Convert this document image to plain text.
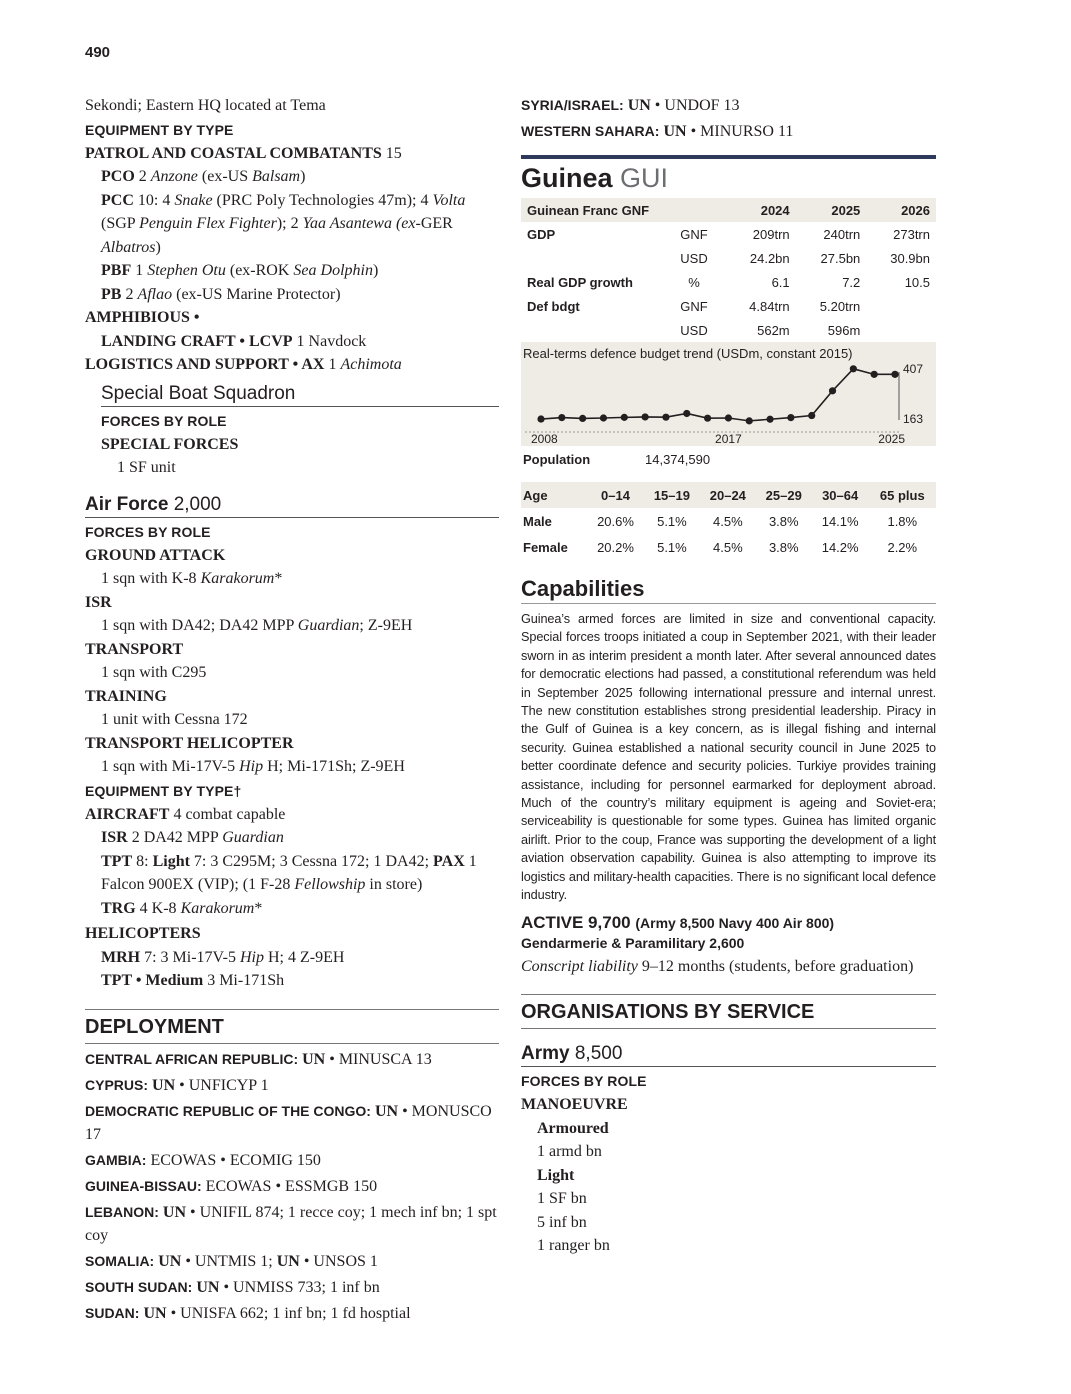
490
Sekondi; Eastern HQ located at Tema
EQUIPMENT BY TYPE
PATROL AND COASTAL COMBATANTS 15
PCO 2 Anzone (ex-US Balsam)
PCC 10: 4 Snake (PRC Poly Technologies 47m); 4 Volta (SGP Penguin Flex Fighter); 2 Yaa Asantewa (ex-GER Albatros)
PBF 1 Stephen Otu (ex-ROK Sea Dolphin)
PB 2 Aflao (ex-US Marine Protector)
AMPHIBIOUS •
LANDING CRAFT • LCVP 1 Navdock
LOGISTICS AND SUPPORT • AX 1 Achimota
Special Boat Squadron
FORCES BY ROLE
SPECIAL FORCES
1 SF unit
Air Force 2,000
FORCES BY ROLE
GROUND ATTACK
1 sqn with K-8 Karakorum*
ISR
1 sqn with DA42; DA42 MPP Guardian; Z-9EH
TRANSPORT
1 sqn with C295
TRAINING
1 unit with Cessna 172
TRANSPORT HELICOPTER
1 sqn with Mi-17V-5 Hip H; Mi-171Sh; Z-9EH
EQUIPMENT BY TYPE†
AIRCRAFT 4 combat capable
ISR 2 DA42 MPP Guardian
TPT 8: Light 7: 3 C295M; 3 Cessna 172; 1 DA42; PAX 1 Falcon 900EX (VIP); (1 F-28 Fellowship in store)
TRG 4 K-8 Karakorum*
HELICOPTERS
MRH 7: 3 Mi-17V-5 Hip H; 4 Z-9EH
TPT • Medium 3 Mi-171Sh
DEPLOYMENT
CENTRAL AFRICAN REPUBLIC: UN • MINUSCA 13
CYPRUS: UN • UNFICYP 1
DEMOCRATIC REPUBLIC OF THE CONGO: UN • MONUSCO 17
GAMBIA: ECOWAS • ECOMIG 150
GUINEA-BISSAU: ECOWAS • ESSMGB 150
LEBANON: UN • UNIFIL 874; 1 recce coy; 1 mech inf bn; 1 spt coy
SOMALIA: UN • UNTMIS 1; UN • UNSOS 1
SOUTH SUDAN: UN • UNMISS 733; 1 inf bn
SUDAN: UN • UNISFA 662; 1 inf bn; 1 fd hosptial
SYRIA/ISRAEL: UN • UNDOF 13
WESTERN SAHARA: UN • MINURSO 11
Guinea GUI
Guinean Franc GNF		2024	2025	2026
GDP	GNF	209trn	240trn	273trn
	USD	24.2bn	27.5bn	30.9bn
Real GDP growth	%	6.1	7.2	10.5
Def bdgt	GNF	4.84trn	5.20trn	
	USD	562m	596m	
Real-terms defence budget trend (USDm, constant 2015)
2008	2017	2025
407
163
Population	14,374,590
Age	0–14	15–19	20–24	25–29	30–64	65 plus
Male	20.6%	5.1%	4.5%	3.8%	14.1%	1.8%
Female	20.2%	5.1%	4.5%	3.8%	14.2%	2.2%
Capabilities
Guinea’s armed forces are limited in size and conventional capacity. Special forces troops initiated a coup in September 2021, with their leader sworn in as interim president a month later. After several announced dates for democratic elections had passed, a constitutional referendum was held in September 2025 following international pressure and internal unrest. The new constitution establishes strong presidential leadership. Piracy in the Gulf of Guinea is a key concern, as is illegal fishing and internal security. Guinea established a national security council in June 2025 to better coordinate defence and security policies. Turkiye provides training assistance, including for personnel earmarked for deployment abroad. Much of the country’s military equipment is ageing and Soviet-era; serviceability is questionable for some types. Guinea has limited organic airlift. Prior to the coup, France was supporting the development of a light aviation observation capability. Guinea is also attempting to improve its logistics and military-health capacities. There is no significant local defence industry.
ACTIVE 9,700 (Army 8,500 Navy 400 Air 800)
Gendarmerie & Paramilitary 2,600
Conscript liability 9–12 months (students, before graduation)
ORGANISATIONS BY SERVICE
Army 8,500
FORCES BY ROLE
MANOEUVRE
Armoured
1 armd bn
Light
1 SF bn
5 inf bn
1 ranger bn
